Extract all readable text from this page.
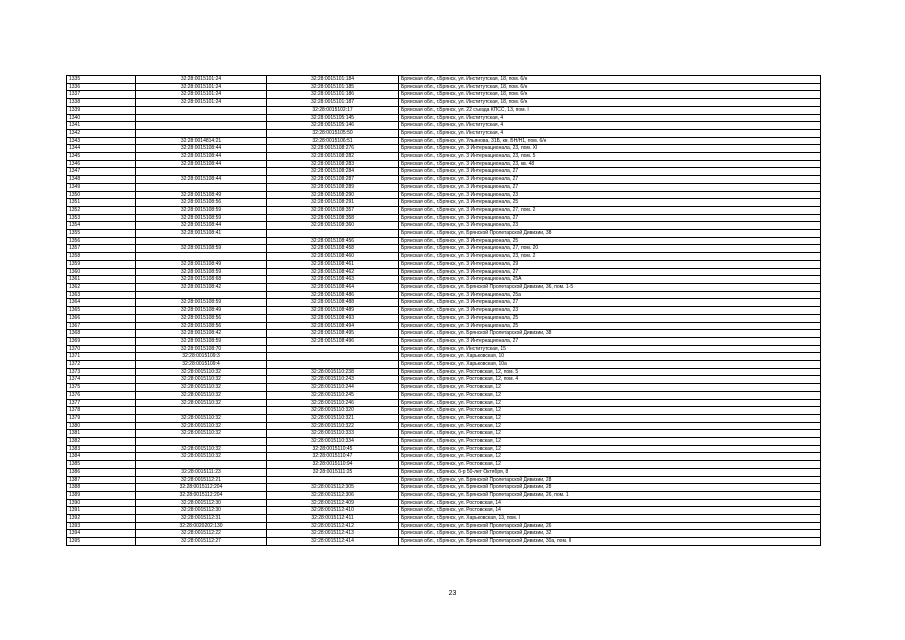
1335	32:28:0015101:24	32:28:0015101:184	Брянская обл., г.Брянск, ул. Институтская, 18, пом. 6/н
1336	32:28:0015101:24	32:28:0015101:185	Брянская обл., г.Брянск, ул. Институтская, 18, пом. 6/н
1337	32:28:0015101:24	32:28:0015101:186	Брянская обл., г.Брянск, ул. Институтская, 18, пом. 6/н
1338	32:28:0015101:24	32:28:0015101:187	Брянская обл., г.Брянск, ул. Институтская, 18, пом. 6/н
1339		32:28:0015102:17	Брянская обл., г.Брянск, ул. 22 съезда КПСС, 13, пом. I
1340		32:28:0015105:145	Брянская обл., г.Брянск, ул. Институтская, 4
1341		32:28:0015105:146	Брянская обл., г.Брянск, ул. Институтская, 4
1342		32:28:0015105:50	Брянская обл., г.Брянск, ул. Институтская, 4
1343	32:28:0014814:21	32:28:0015106:51	Брянская обл., г.Брянск, ул. Ульянова, 31Б, кв. БН/Н1, пом. 6/н
1344	32:28:0015108:44	32:28:0015108:276	Брянская обл., г.Брянск, ул. 3 Интернационала, 23, пом. XI
1345	32:28:0015108:44	32:28:0015108:282	Брянская обл., г.Брянск, ул. 3 Интернационала, 23, пом. 5
1346	32:28:0015108:44	32:28:0015108:283	Брянская обл., г.Брянск, ул. 3 Интернационала, 23, кв. 48
1347		32:28:0015108:284	Брянская обл., г.Брянск, ул. 3 Интернационала, 27
1348	32:28:0015108:44	32:28:0015108:287	Брянская обл., г.Брянск, ул. 3 Интернационала, 27
1349		32:28:0015108:289	Брянская обл., г.Брянск, ул. 3 Интернационала, 27
1350	32:28:0015108:49	32:28:0015108:290	Брянская обл., г.Брянск, ул. 3 Интернационала, 23
1351	32:28:0015108:56	32:28:0015108:291	Брянская обл., г.Брянск, ул. 3 Интернационала, 25
1352	32:28:0015108:59	32:28:0015108:357	Брянская обл., г.Брянск, ул. 3 Интернационала, 27, пом. 2
1353	32:28:0015108:59	32:28:0015108:358	Брянская обл., г.Брянск, ул. 3 Интернационала, 27
1354	32:28:0015108:44	32:28:0015108:360	Брянская обл., г.Брянск, ул. 3 Интернационала, 23
1355	32:28:0015108:41		Брянская обл., г.Брянск, ул. Брянской Пролетарской Дивизии, 38
1356		32:28:0015108:456	Брянская обл., г.Брянск, ул. 3 Интернационала, 25
1357	32:28:0015108:59	32:28:0015108:458	Брянская обл., г.Брянск, ул. 3 Интернационала, 27, пом. 20
1358		32:28:0015108:460	Брянская обл., г.Брянск, ул. 3 Интернационала, 23, пом. 2
1359	32:28:0015108:49	32:28:0015108:461	Брянская обл., г.Брянск, ул. 3 Интернационала, 29
1360	32:28:0015108:59	32:28:0015108:462	Брянская обл., г.Брянск, ул. 3 Интернационала, 27
1361	32:28:0015108:68	32:28:0015108:463	Брянская обл., г.Брянск, ул. 3 Интернационала, 25А
1362	32:28:0015108:42	32:28:0015108:464	Брянская обл., г.Брянск, ул. Брянской Пролетарской Дивизии, 36, пом. 1-5
1363		32:28:0015108:486	Брянская обл., г.Брянск, ул. 3 Интернационала, 25а
1364	32:28:0015108:59	32:28:0015108:488	Брянская обл., г.Брянск, ул. 3 Интернационала, 27
1365	32:28:0015108:49	32:28:0015108:489	Брянская обл., г.Брянск, ул. 3 Интернационала, 23
1366	32:28:0015108:56	32:28:0015108:493	Брянская обл., г.Брянск, ул. 3 Интернационала, 25
1367	32:28:0015108:56	32:28:0015108:494	Брянская обл., г.Брянск, ул. 3 Интернационала, 25
1368	32:28:0015108:42	32:28:0015108:495	Брянская обл., г.Брянск, ул. Брянской Пролетарской Дивизии, 38
1369	32:28:0015108:59	32:28:0015108:496	Брянская обл., г.Брянск, ул. 3 Интернационала, 27
1370	32:28:0015108:70		Брянская обл., г.Брянск, ул. Институтская, 15
1371	32:28:0015109:3		Брянская обл., г.Брянск, ул. Харьковская, 10
1372	32:28:0015109:4		Брянская обл., г.Брянск, ул. Харьковская, 10а
1373	32:28:0015110:32	32:28:0015110:238	Брянская обл., г.Брянск, ул. Ростовская, 12, пом. 5
1374	32:28:0015110:32	32:28:0015110:243	Брянская обл., г.Брянск, ул. Ростовская, 12, пом. 4
1375	32:28:0015110:32	32:28:0015110:244	Брянская обл., г.Брянск, ул. Ростовская, 12
1376	32:28:0015110:32	32:28:0015110:245	Брянская обл., г.Брянск, ул. Ростовская, 12
1377	32:28:0015110:32	32:28:0015110:246	Брянская обл., г.Брянск, ул. Ростовская, 12
1378		32:28:0015110:320	Брянская обл., г.Брянск, ул. Ростовская, 12
1379	32:28:0015110:32	32:28:0015110:321	Брянская обл., г.Брянск, ул. Ростовская, 12
1380	32:28:0015110:32	32:28:0015110:322	Брянская обл., г.Брянск, ул. Ростовская, 12
1381	32:28:0015110:32	32:28:0015110:333	Брянская обл., г.Брянск, ул. Ростовская, 12
1382		32:28:0015110:334	Брянская обл., г.Брянск, ул. Ростовская, 12
1383	32:28:0015110:32	32:28:0015110:45	Брянская обл., г.Брянск, ул. Ростовская, 12
1384	32:28:0015110:32	32:28:0015110:47	Брянская обл., г.Брянск, ул. Ростовская, 12
1385		32:28:0015110:94	Брянская обл., г.Брянск, ул. Ростовская, 12
1386	32:28:0015111:23	32:28:0015111:25	Брянская обл., г.Брянск, б-р 50-лет Октября, 8
1387	32:28:0015112:21		Брянская обл., г.Брянск, ул. Брянской Пролетарской Дивизии, 28
1388	32:28:0015112:204	32:28:0015112:305	Брянская обл., г.Брянск, ул. Брянской Пролетарской Дивизии, 28
1389	32:28:0015112:204	32:28:0015112:306	Брянская обл., г.Брянск, ул. Брянской Пролетарской Дивизии, 26, пом. 1
1390	32:28:0015112:30	32:28:0015112:409	Брянская обл., г.Брянск, ул. Ростовская, 14
1391	32:28:0015112:30	32:28:0015112:410	Брянская обл., г.Брянск, ул. Ростовская, 14
1392	32:28:0015112:31	32:28:0015112:411	Брянская обл., г.Брянск, ул. Харьковская, 13, пом. I
1393	32:28:0020202:130	32:28:0015112:412	Брянская обл., г.Брянск, ул. Брянской Пролетарской Дивизии, 26
1394	32:28:0015112:22	32:28:0015112:413	Брянская обл., г.Брянск, ул. Брянской Пролетарской Дивизии, 32
1395	32:28:0015112:27	32:28:0015112:414	Брянская обл., г.Брянск, ул. Брянской Пролетарской Дивизии, 30а, пом. II
23
